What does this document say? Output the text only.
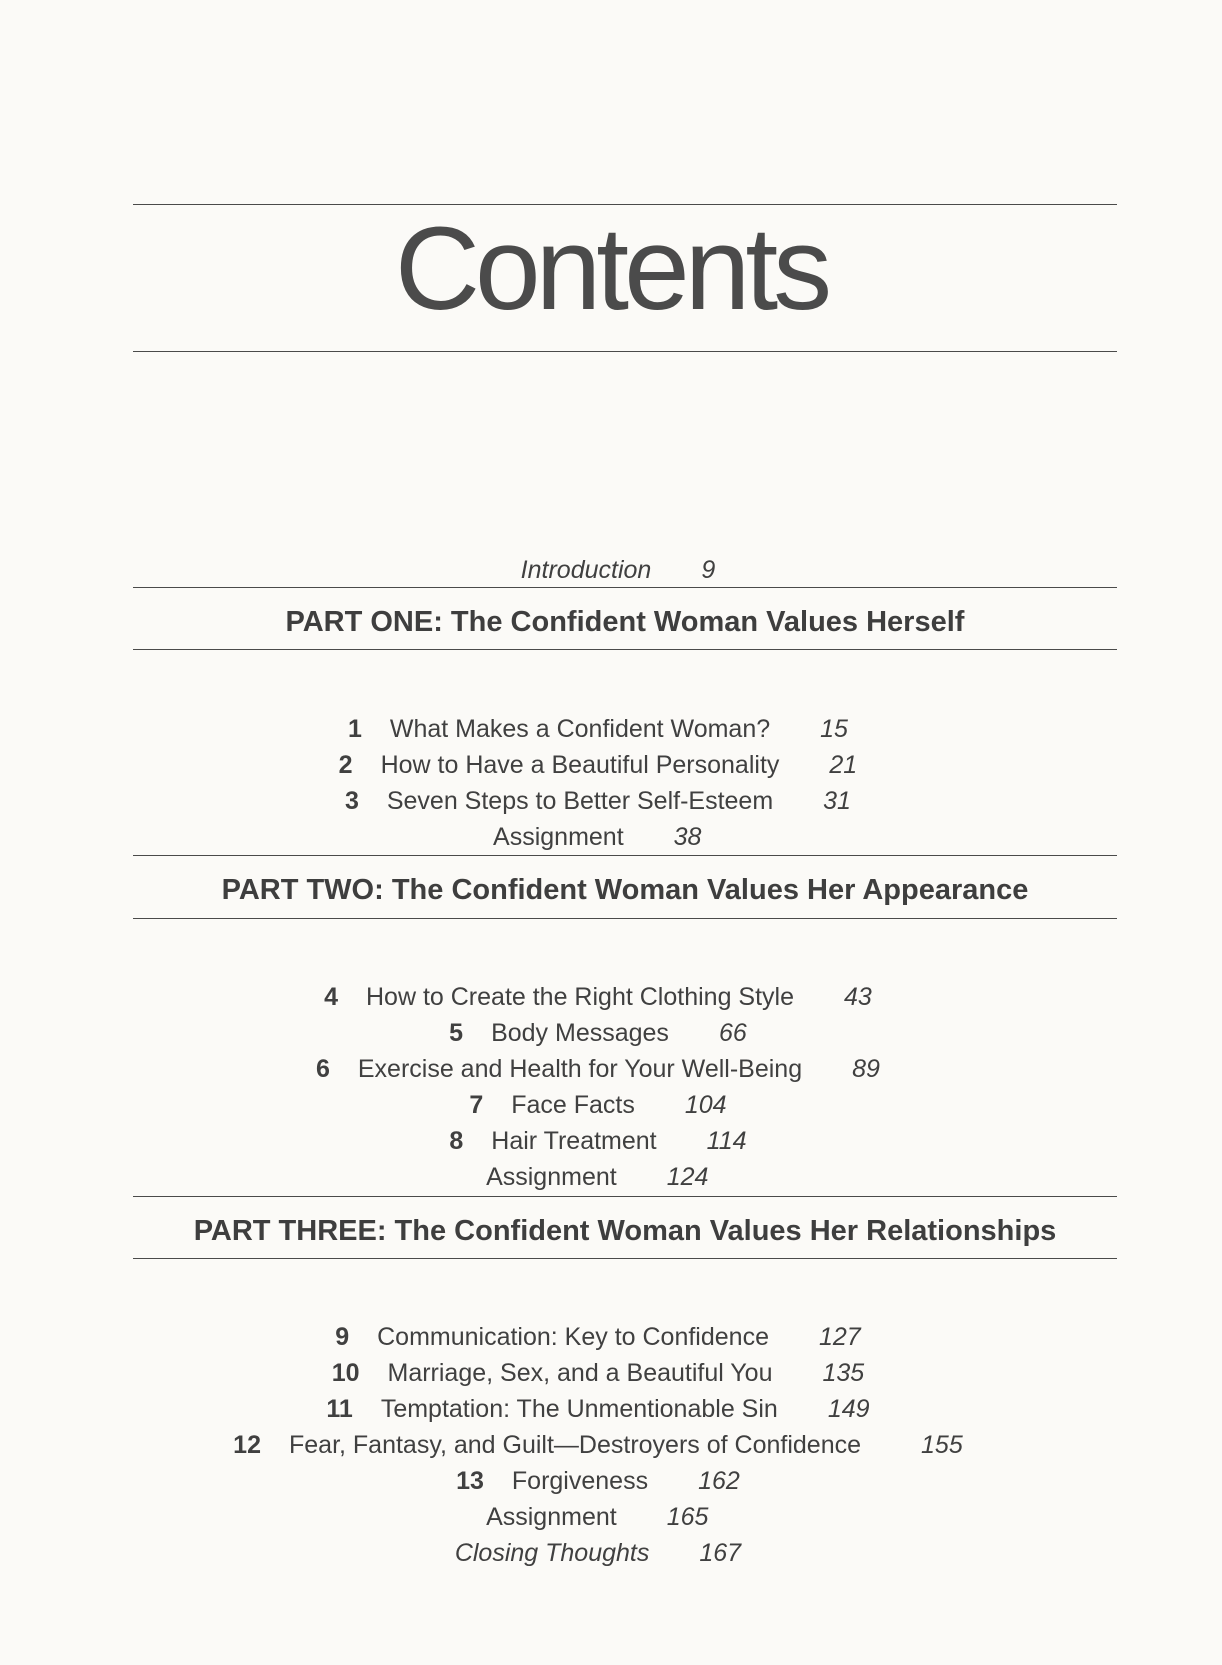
Contents

Introduction 9

PART ONE: The Confident Woman Values Herself

1 What Makes a Confident Woman? 15

2 How to Have a Beautiful Personality 21

3 Seven Steps to Better Self-Esteem 31

Assignment 38

PART TWO: The Confident Woman Values Her Appearance

4 How to Create the Right Clothing Style 43

5 Body Messages 66

6 Exercise and Health for Your Well-Being 89

7 Face Facts 104

8 Hair Treatment 114

Assignment 124

PART THREE: The Confident Woman Values Her Relationships

9 Communication: Key to Confidence 127

10 Marriage, Sex, and a Beautiful You 135

11 Temptation: The Unmentionable Sin 149

12 Fear, Fantasy, and Guilt—Destroyers of Confidence 155

13 Forgiveness 162

Assignment 165

Closing Thoughts 167
